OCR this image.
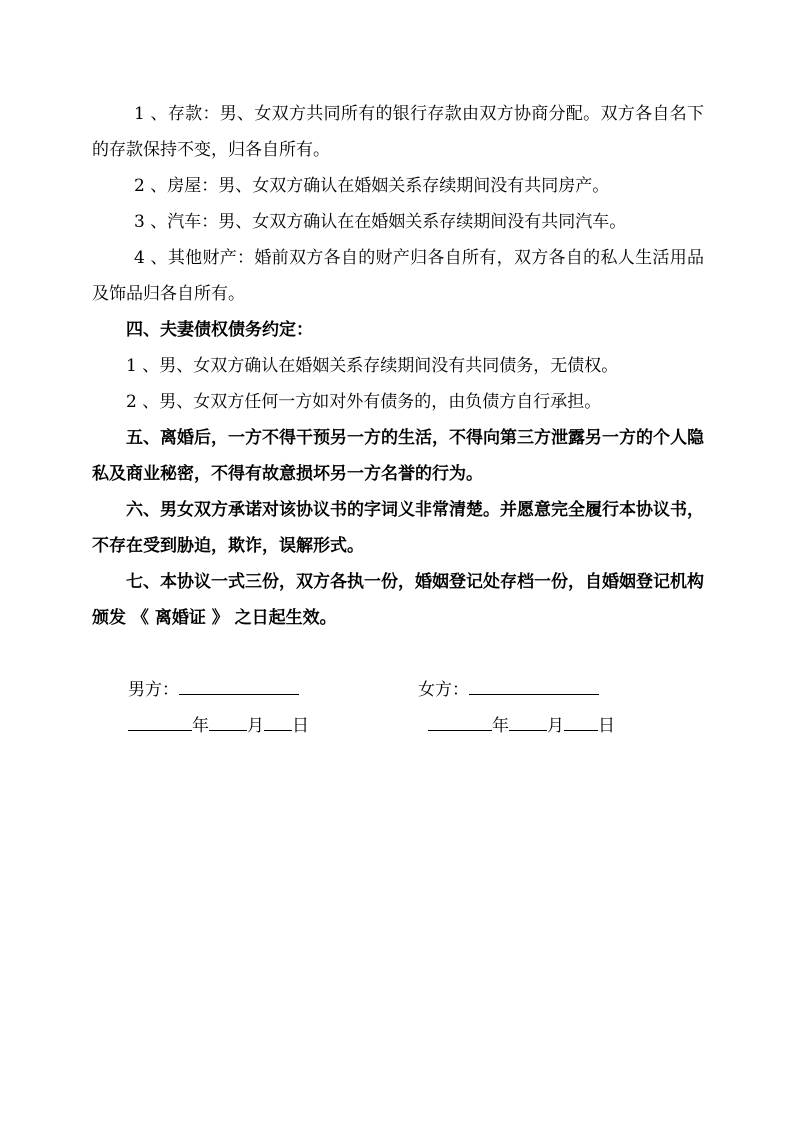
1 、存款：男、女双方共同所有的银行存款由双方协商分配。双方各自名下的存款保持不变，归各自所有。

2 、房屋：男、女双方确认在婚姻关系存续期间没有共同房产。

3 、汽车：男、女双方确认在在婚姻关系存续期间没有共同汽车。

4 、其他财产：婚前双方各自的财产归各自所有，双方各自的私人生活用品及饰品归各自所有。

四、夫妻债权债务约定：

1 、男、女双方确认在婚姻关系存续期间没有共同债务，无债权。

2 、男、女双方任何一方如对外有债务的，由负债方自行承担。

五、离婚后，一方不得干预另一方的生活，不得向第三方泄露另一方的个人隐私及商业秘密，不得有故意损坏另一方名誉的行为。

六、男女双方承诺对该协议书的字词义非常清楚。并愿意完全履行本协议书，不存在受到胁迫，欺诈，误解形式。

七、本协议一式三份，双方各执一份，婚姻登记处存档一份，自婚姻登记机构颁发 《 离婚证 》 之日起生效。

男方：
年 月 日
女方：
年 月 日
